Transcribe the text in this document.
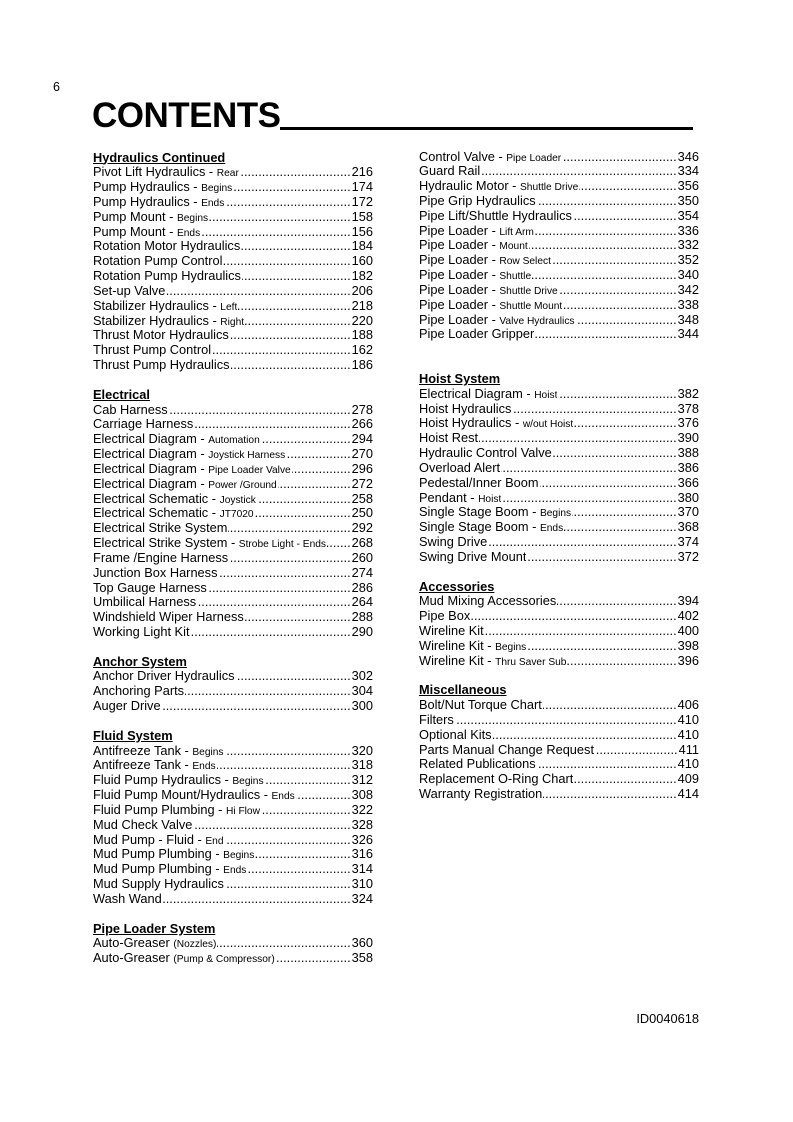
6
CONTENTS
Hydraulics Continued
Pivot Lift Hydraulics - Rear .....	216
Pump Hydraulics - Begins .....	174
Pump Hydraulics - Ends .....	172
Pump Mount - Begins .....	158
Pump Mount - Ends .....	156
Rotation Motor Hydraulics .....	184
Rotation Pump Control .....	160
Rotation Pump Hydraulics .....	182
Set-up Valve .....	206
Stabilizer Hydraulics - Left .....	218
Stabilizer Hydraulics - Right .....	220
Thrust Motor Hydraulics .....	188
Thrust Pump Control .....	162
Thrust Pump Hydraulics .....	186
Electrical
Cab Harness .....	278
Carriage Harness .....	266
Electrical Diagram - Automation .....	294
Electrical Diagram - Joystick Harness .....	270
Electrical Diagram - Pipe Loader Valve .....	296
Electrical Diagram - Power /Ground .....	272
Electrical Schematic - Joystick .....	258
Electrical Schematic - JT7020 .....	250
Electrical Strike System .....	292
Electrical Strike System - Strobe Light - Ends ..... 268
Frame /Engine Harness .....	260
Junction Box Harness .....	274
Top Gauge Harness .....	286
Umbilical Harness .....	264
Windshield Wiper Harness .....	288
Working Light Kit .....	290
Anchor System
Anchor Driver Hydraulics .....	302
Anchoring Parts .....	304
Auger Drive .....	300
Fluid System
Antifreeze Tank - Begins .....	320
Antifreeze Tank - Ends .....	318
Fluid Pump Hydraulics - Begins .....	312
Fluid Pump Mount/Hydraulics - Ends .....	308
Fluid Pump Plumbing - Hi Flow .....	322
Mud Check Valve .....	328
Mud Pump - Fluid - End .....	326
Mud Pump Plumbing - Begins .....	316
Mud Pump Plumbing - Ends .....	314
Mud Supply Hydraulics .....	310
Wash Wand .....	324
Pipe Loader System
Auto-Greaser (Nozzles) .....	360
Auto-Greaser (Pump & Compressor) .....	358
Control Valve - Pipe Loader .....	346
Guard Rail .....	334
Hydraulic Motor - Shuttle Drive .....	356
Pipe Grip Hydraulics .....	350
Pipe Lift/Shuttle Hydraulics .....	354
Pipe Loader - Lift Arm .....	336
Pipe Loader - Mount .....	332
Pipe Loader - Row Select .....	352
Pipe Loader - Shuttle .....	340
Pipe Loader - Shuttle Drive .....	342
Pipe Loader - Shuttle Mount .....	338
Pipe Loader - Valve Hydraulics .....	348
Pipe Loader Gripper .....	344
Hoist System
Electrical Diagram - Hoist .....	382
Hoist Hydraulics .....	378
Hoist Hydraulics - w/out Hoist .....	376
Hoist Rest .....	390
Hydraulic Control Valve .....	388
Overload Alert .....	386
Pedestal/Inner Boom .....	366
Pendant - Hoist .....	380
Single Stage Boom - Begins .....	370
Single Stage Boom - Ends .....	368
Swing Drive .....	374
Swing Drive Mount .....	372
Accessories
Mud Mixing Accessories .....	394
Pipe Box .....	402
Wireline Kit .....	400
Wireline Kit - Begins .....	398
Wireline Kit - Thru Saver Sub .....	396
Miscellaneous
Bolt/Nut Torque Chart .....	406
Filters .....	410
Optional Kits .....	410
Parts Manual Change Request .....	411
Related Publications .....	410
Replacement O-Ring Chart .....	409
Warranty Registration .....	414
ID0040618
